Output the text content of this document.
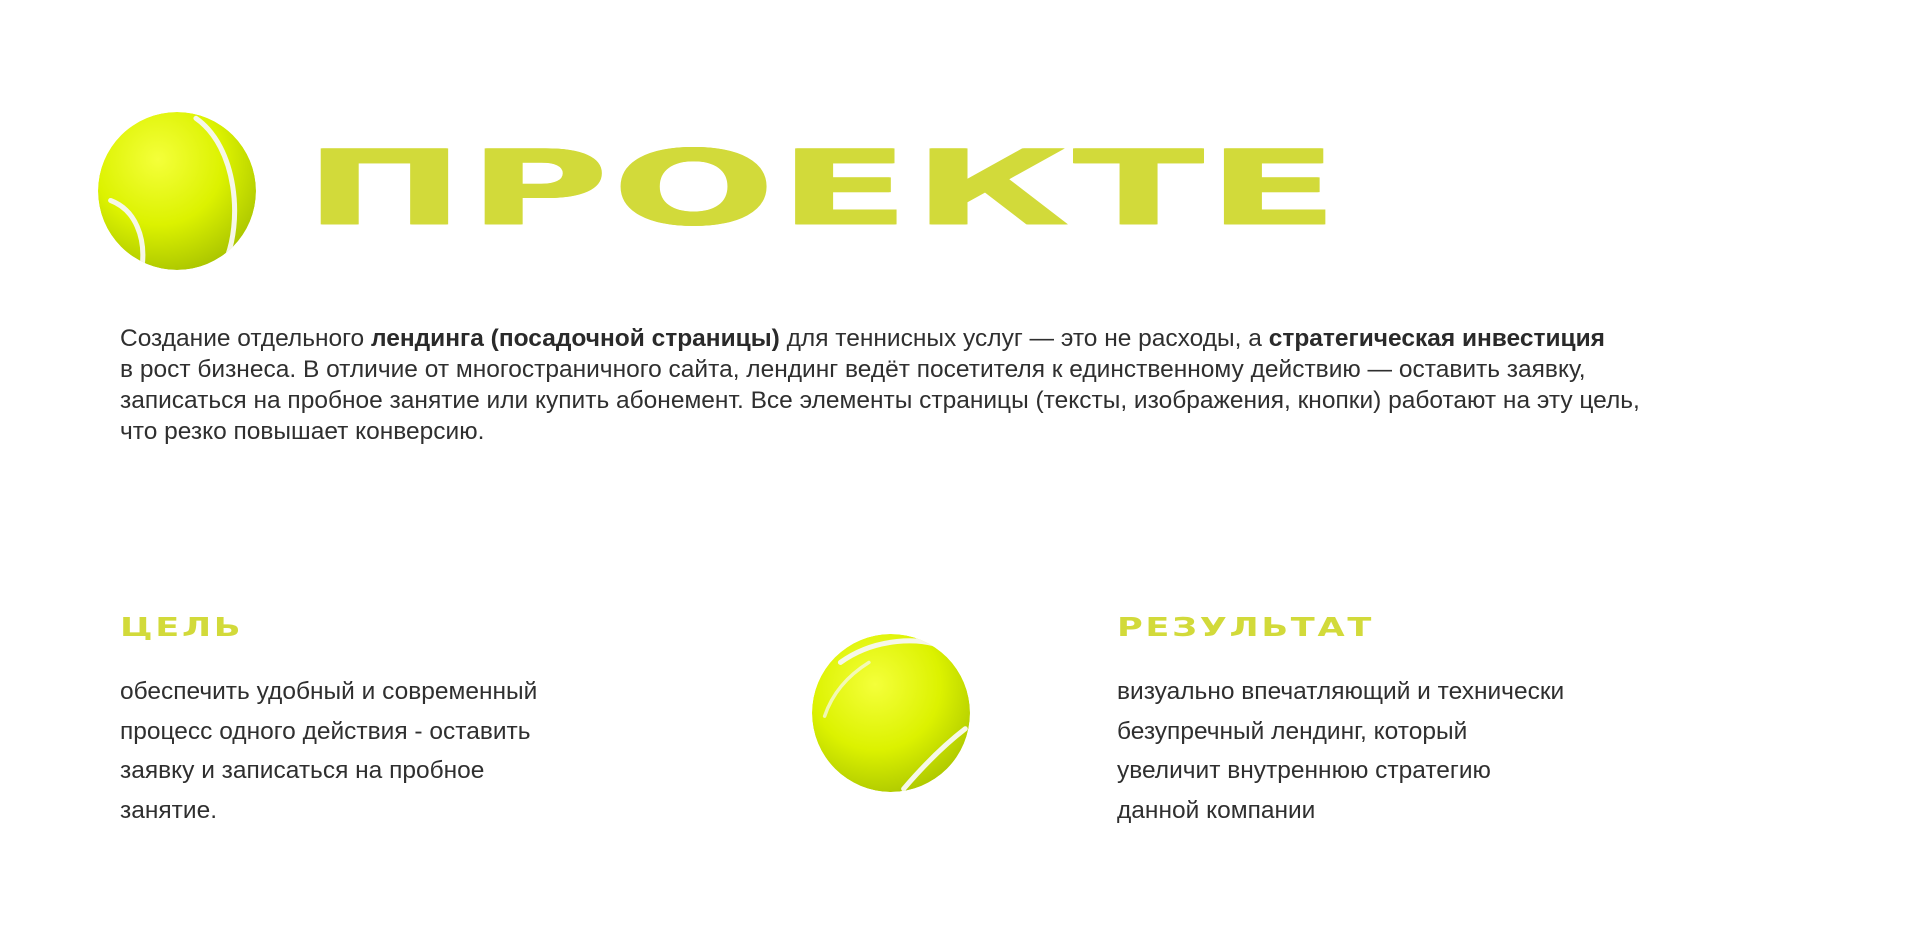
ПРОЕКТЕ

Создание отдельного лендинга (посадочной страницы) для теннисных услуг — это не расходы, а стратегическая инвестиция
в рост бизнеса. В отличие от многостраничного сайта, лендинг ведёт посетителя к единственному действию — оставить заявку,
записаться на пробное занятие или купить абонемент. Все элементы страницы (тексты, изображения, кнопки) работают на эту цель,
что резко повышает конверсию.

ЦЕЛЬ

обеспечить удобный и современный
процесс одного действия - оставить
заявку и записаться на пробное
занятие.

РЕЗУЛЬТАТ

визуально впечатляющий и технически
безупречный лендинг, который
увеличит внутреннюю стратегию
данной компании
